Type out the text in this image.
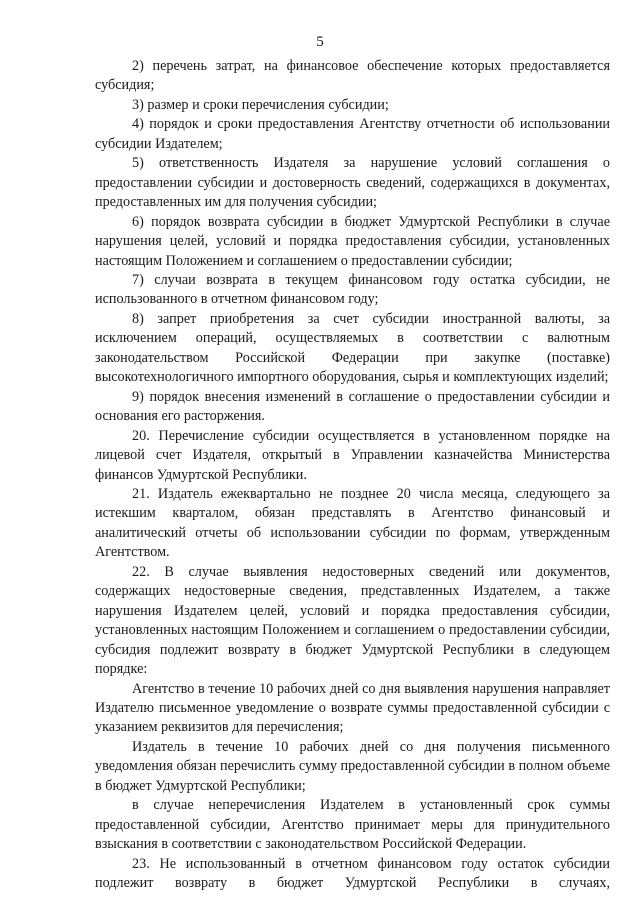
5

2) перечень затрат, на финансовое обеспечение которых предоставляется субсидия;

3) размер и сроки перечисления субсидии;

4) порядок и сроки предоставления Агентству отчетности об использовании субсидии Издателем;

5) ответственность Издателя за нарушение условий соглашения о предоставлении субсидии и достоверность сведений, содержащихся в документах, предоставленных им для получения субсидии;

6) порядок возврата субсидии в бюджет Удмуртской Республики в случае нарушения целей, условий и порядка предоставления субсидии, установленных настоящим Положением и соглашением о предоставлении субсидии;

7) случаи возврата в текущем финансовом году остатка субсидии, не использованного в отчетном финансовом году;

8) запрет приобретения за счет субсидии иностранной валюты, за исключением операций, осуществляемых в соответствии с валютным законодательством Российской Федерации при закупке (поставке) высокотехнологичного импортного оборудования, сырья и комплектующих изделий;

9) порядок внесения изменений в соглашение о предоставлении субсидии и основания его расторжения.

20. Перечисление субсидии осуществляется в установленном порядке на лицевой счет Издателя, открытый в Управлении казначейства Министерства финансов Удмуртской Республики.

21. Издатель ежеквартально не позднее 20 числа месяца, следующего за истекшим кварталом, обязан представлять в Агентство финансовый и аналитический отчеты об использовании субсидии по формам, утвержденным Агентством.

22. В случае выявления недостоверных сведений или документов, содержащих недостоверные сведения, представленных Издателем, а также нарушения Издателем целей, условий и порядка предоставления субсидии, установленных настоящим Положением и соглашением о предоставлении субсидии, субсидия подлежит возврату в бюджет Удмуртской Республики в следующем порядке:

Агентство в течение 10 рабочих дней со дня выявления нарушения направляет Издателю письменное уведомление о возврате суммы предоставленной субсидии с указанием реквизитов для перечисления;

Издатель в течение 10 рабочих дней со дня получения письменного уведомления обязан перечислить сумму предоставленной субсидии в полном объеме в бюджет Удмуртской Республики;

в случае неперечисления Издателем в установленный срок суммы предоставленной субсидии, Агентство принимает меры для принудительного взыскания в соответствии с законодательством Российской Федерации.

23. Не использованный в отчетном финансовом году остаток субсидии подлежит возврату в бюджет Удмуртской Республики в случаях,
